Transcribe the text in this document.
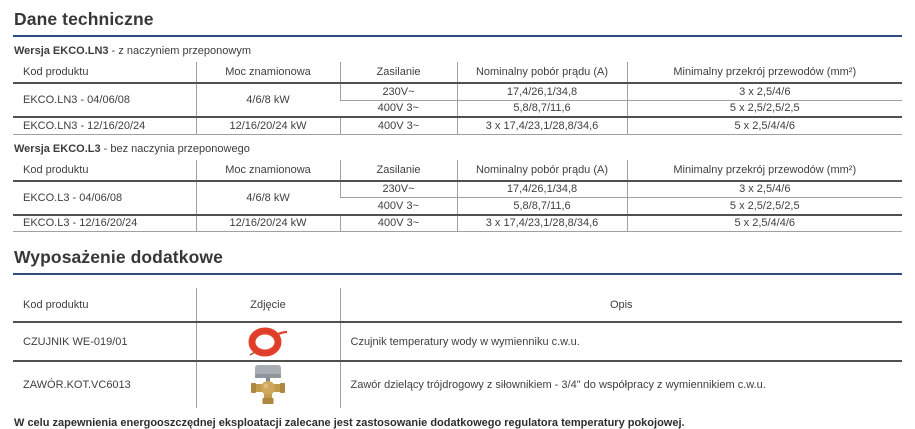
Dane techniczne

Wersja EKCO.LN3 - z naczyniem przeponowym

Kod produktu	Moc znamionowa	Zasilanie	Nominalny pobór prądu (A)	Minimalny przekrój przewodów (mm²)
EKCO.LN3 - 04/06/08	4/6/8 kW	230V~	17,4/26,1/34,8	3 x 2,5/4/6
		400V 3~	5,8/8,7/11,6	5 x 2,5/2,5/2,5
EKCO.LN3 - 12/16/20/24	12/16/20/24 kW	400V 3~	3 x 17,4/23,1/28,8/34,6	5 x 2,5/4/4/6

Wersja EKCO.L3 - bez naczynia przeponowego

Kod produktu	Moc znamionowa	Zasilanie	Nominalny pobór prądu (A)	Minimalny przekrój przewodów (mm²)
EKCO.L3 - 04/06/08	4/6/8 kW	230V~	17,4/26,1/34,8	3 x 2,5/4/6
		400V 3~	5,8/8,7/11,6	5 x 2,5/2,5/2,5
EKCO.L3 - 12/16/20/24	12/16/20/24 kW	400V 3~	3 x 17,4/23,1/28,8/34,6	5 x 2,5/4/4/6
Wyposażenie dodatkowe
Kod produktu	Zdjęcie	Opis
CZUJNIK WE-019/01		Czujnik temperatury wody w wymienniku c.w.u.
ZAWÓR.KOT.VC6013		Zawór dzielący trójdrogowy z siłownikiem - 3/4" do współpracy z wymiennikiem c.w.u.

W celu zapewnienia energooszczędnej eksploatacji zalecane jest zastosowanie dodatkowego regulatora temperatury pokojowej.
